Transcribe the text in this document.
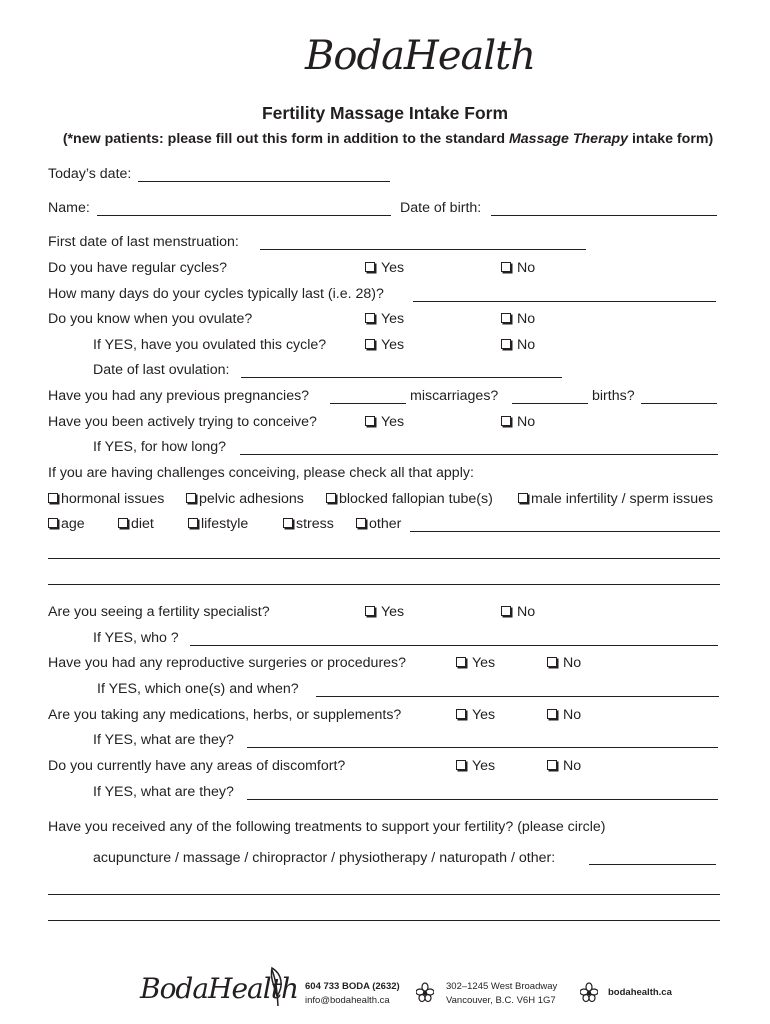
BodaHealth
Fertility Massage Intake Form
(*new patients: please fill out this form in addition to the standard Massage Therapy intake form)
Today’s date:
Name:	Date of birth:
First date of last menstruation:
Do you have regular cycles?	Yes	No
How many days do your cycles typically last (i.e. 28)?
Do you know when you ovulate?	Yes	No
If YES, have you ovulated this cycle?	Yes	No
Date of last ovulation:
Have you had any previous pregnancies?	miscarriages?	births?
Have you been actively trying to conceive?	Yes	No
If YES, for how long?
If you are having challenges conceiving, please check all that apply:
hormonal issues	pelvic adhesions	blocked fallopian tube(s)	male infertility / sperm issues
age	diet	lifestyle	stress	other
Are you seeing a fertility specialist?	Yes	No
If YES, who ?
Have you had any reproductive surgeries or procedures?	Yes	No
If YES, which one(s) and when?
Are you taking any medications, herbs, or supplements?	Yes	No
If YES, what are they?
Do you currently have any areas of discomfort?	Yes	No
If YES, what are they?
Have you received any of the following treatments to support your fertility? (please circle)
acupuncture / massage / chiropractor / physiotherapy / naturopath / other:
BodaHealth 604 733 BODA (2632)
info@bodahealth.ca
302–1245 West Broadway
Vancouver, B.C. V6H 1G7
bodahealth.ca
